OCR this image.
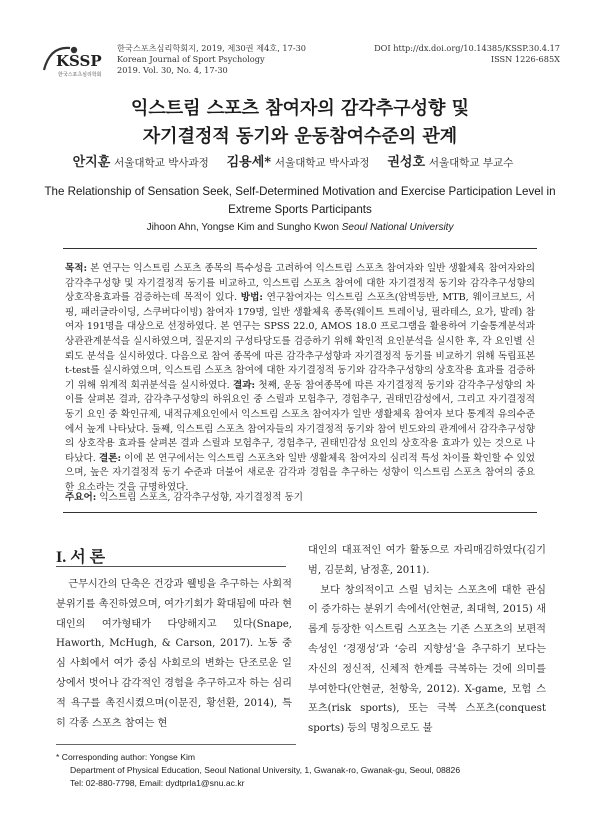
KSSP
한국스포츠심리학회
한국스포츠심리학회지, 2019, 제30권 제4호, 17-30
Korean Journal of Sport Psychology
2019. Vol. 30, No. 4, 17-30
DOI http://dx.doi.org/10.14385/KSSP.30.4.17
ISSN 1226-685X
익스트림 스포츠 참여자의 감각추구성향 및
자기결정적 동기와 운동참여수준의 관계
안지훈 서울대학교 박사과정 김용세* 서울대학교 박사과정 권성호 서울대학교 부교수
The Relationship of Sensation Seek, Self-Determined Motivation and Exercise Participation Level in Extreme Sports Participants
Jihoon Ahn, Yongse Kim and Sungho Kwon Seoul National University
목적: 본 연구는 익스트림 스포츠 종목의 특수성을 고려하여 익스트림 스포츠 참여자와 일반 생활체육 참여자와의 감각추구성향 및 자기결정적 동기를 비교하고, 익스트림 스포츠 참여에 대한 자기결정적 동기와 감각추구성향의 상호작용효과를 검증하는데 목적이 있다. 방법: 연구참여자는 익스트림 스포츠(암벽등반, MTB, 웨이크보드, 서핑, 패러글라이딩, 스쿠버다이빙) 참여자 179명, 일반 생활체육 종목(웨이트 트레이닝, 필라테스, 요가, 발레) 참여자 191명을 대상으로 선정하였다. 본 연구는 SPSS 22.0, AMOS 18.0 프로그램을 활용하여 기술통계분석과 상관관계분석을 실시하였으며, 질문지의 구성타당도를 검증하기 위해 확인적 요인분석을 실시한 후, 각 요인별 신뢰도 분석을 실시하였다. 다음으로 참여 종목에 따른 감각추구성향과 자기결정적 동기를 비교하기 위해 독립표본 t-test를 실시하였으며, 익스트림 스포츠 참여에 대한 자기결정적 동기와 감각추구성향의 상호작용 효과를 검증하기 위해 위계적 회귀분석을 실시하였다. 결과: 첫째, 운동 참여종목에 따른 자기결정적 동기와 감각추구성향의 차이를 살펴본 결과, 감각추구성향의 하위요인 중 스릴과 모험추구, 경험추구, 권태민감성에서, 그리고 자기결정적 동기 요인 중 확인규제, 내적규제요인에서 익스트림 스포츠 참여자가 일반 생활체육 참여자 보다 통계적 유의수준에서 높게 나타났다. 둘째, 익스트림 스포츠 참여자들의 자기결정적 동기와 참여 빈도와의 관계에서 감각추구성향의 상호작용 효과를 살펴본 결과 스릴과 모험추구, 경험추구, 권태민감성 요인의 상호작용 효과가 있는 것으로 나타났다. 결론: 이에 본 연구에서는 익스트림 스포츠와 일반 생활체육 참여자의 심리적 특성 차이를 확인할 수 있었으며, 높은 자기결정적 동기 수준과 더불어 새로운 감각과 경험을 추구하는 성향이 익스트림 스포츠 참여의 중요한 요소라는 것을 규명하였다.
주요어: 익스트림 스포츠, 감각추구성향, 자기결정적 동기
I. 서 론
근무시간의 단축은 건강과 웰빙을 추구하는 사회적 분위기를 촉진하였으며, 여가기회가 확대됨에 따라 현대인의 여가형태가 다양해지고 있다(Snape, Haworth, McHugh, & Carson, 2017). 노동 중심 사회에서 여가 중심 사회로의 변화는 단조로운 일상에서 벗어나 감각적인 경험을 추구하고자 하는 심리적 욕구를 촉진시켰으며(이문진, 황선환, 2014), 특히 각종 스포츠 참여는 현
대인의 대표적인 여가 활동으로 자리매김하였다(김기범, 김문희, 남정훈, 2011).
보다 창의적이고 스릴 넘치는 스포츠에 대한 관심이 증가하는 분위기 속에서(안현균, 최대혁, 2015) 새롭게 등장한 익스트림 스포츠는 기존 스포츠의 보편적 속성인 ‘경쟁성’과 ‘승리 지향성’을 추구하기 보다는 자신의 정신적, 신체적 한계를 극복하는 것에 의미를 부여한다(안현균, 천항욱, 2012). X-game, 모험 스포츠(risk sports), 또는 극복 스포츠(conquest sports) 등의 명칭으로도 불
* Corresponding author: Yongse Kim
Department of Physical Education, Seoul National University, 1, Gwanak-ro, Gwanak-gu, Seoul, 08826
Tel: 02-880-7798, Email: dydtprla1@snu.ac.kr
